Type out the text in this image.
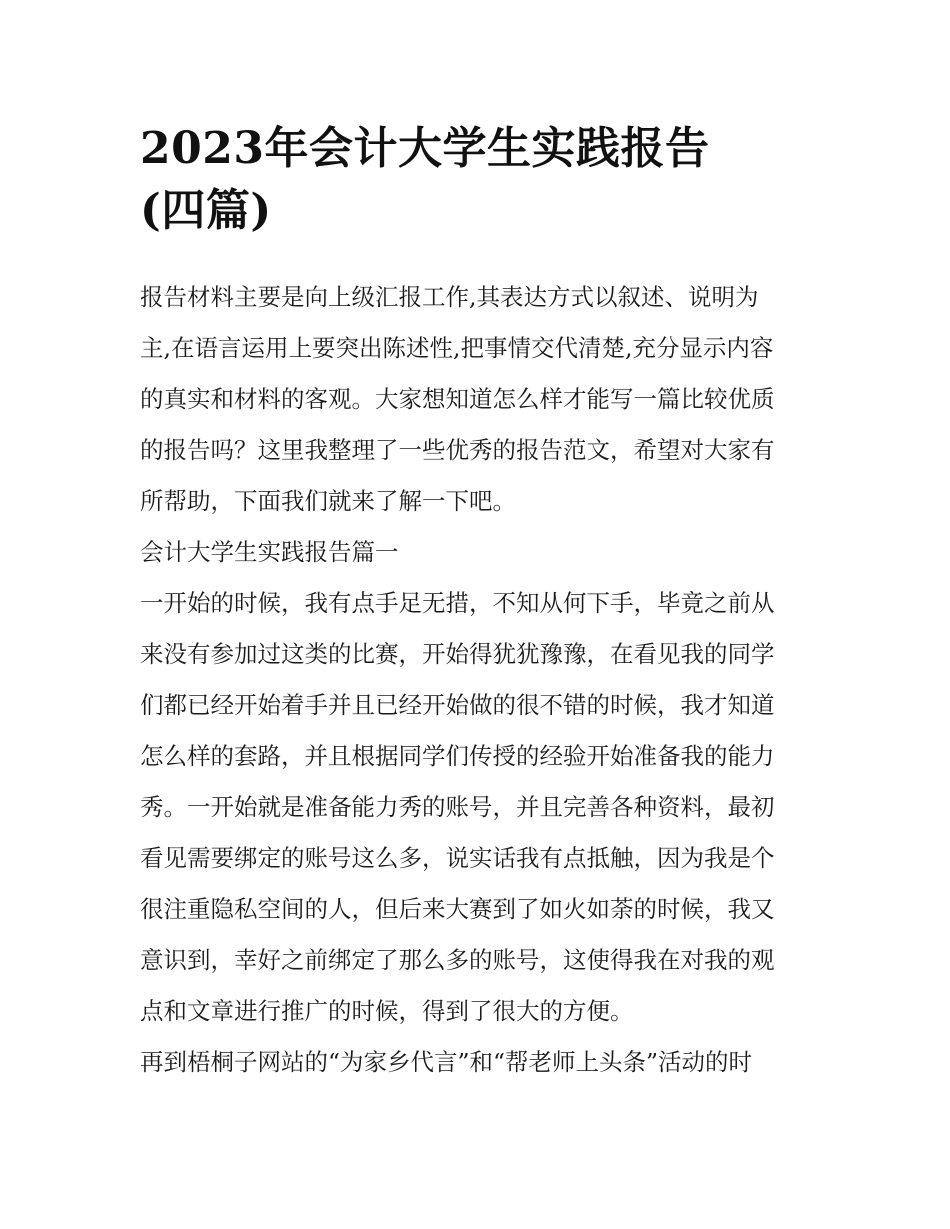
2023年会计大学生实践报告
(四篇)
报告材料主要是向上级汇报工作,其表达方式以叙述、说明为
主,在语言运用上要突出陈述性,把事情交代清楚,充分显示内容
的真实和材料的客观。大家想知道怎么样才能写一篇比较优质
的报告吗？这里我整理了一些优秀的报告范文，希望对大家有
所帮助，下面我们就来了解一下吧。
会计大学生实践报告篇一
一开始的时候，我有点手足无措，不知从何下手，毕竟之前从
来没有参加过这类的比赛，开始得犹犹豫豫，在看见我的同学
们都已经开始着手并且已经开始做的很不错的时候，我才知道
怎么样的套路，并且根据同学们传授的经验开始准备我的能力
秀。一开始就是准备能力秀的账号，并且完善各种资料，最初
看见需要绑定的账号这么多，说实话我有点抵触，因为我是个
很注重隐私空间的人，但后来大赛到了如火如荼的时候，我又
意识到，幸好之前绑定了那么多的账号，这使得我在对我的观
点和文章进行推广的时候，得到了很大的方便。
再到梧桐子网站的“为家乡代言”和“帮老师上头条”活动的时
